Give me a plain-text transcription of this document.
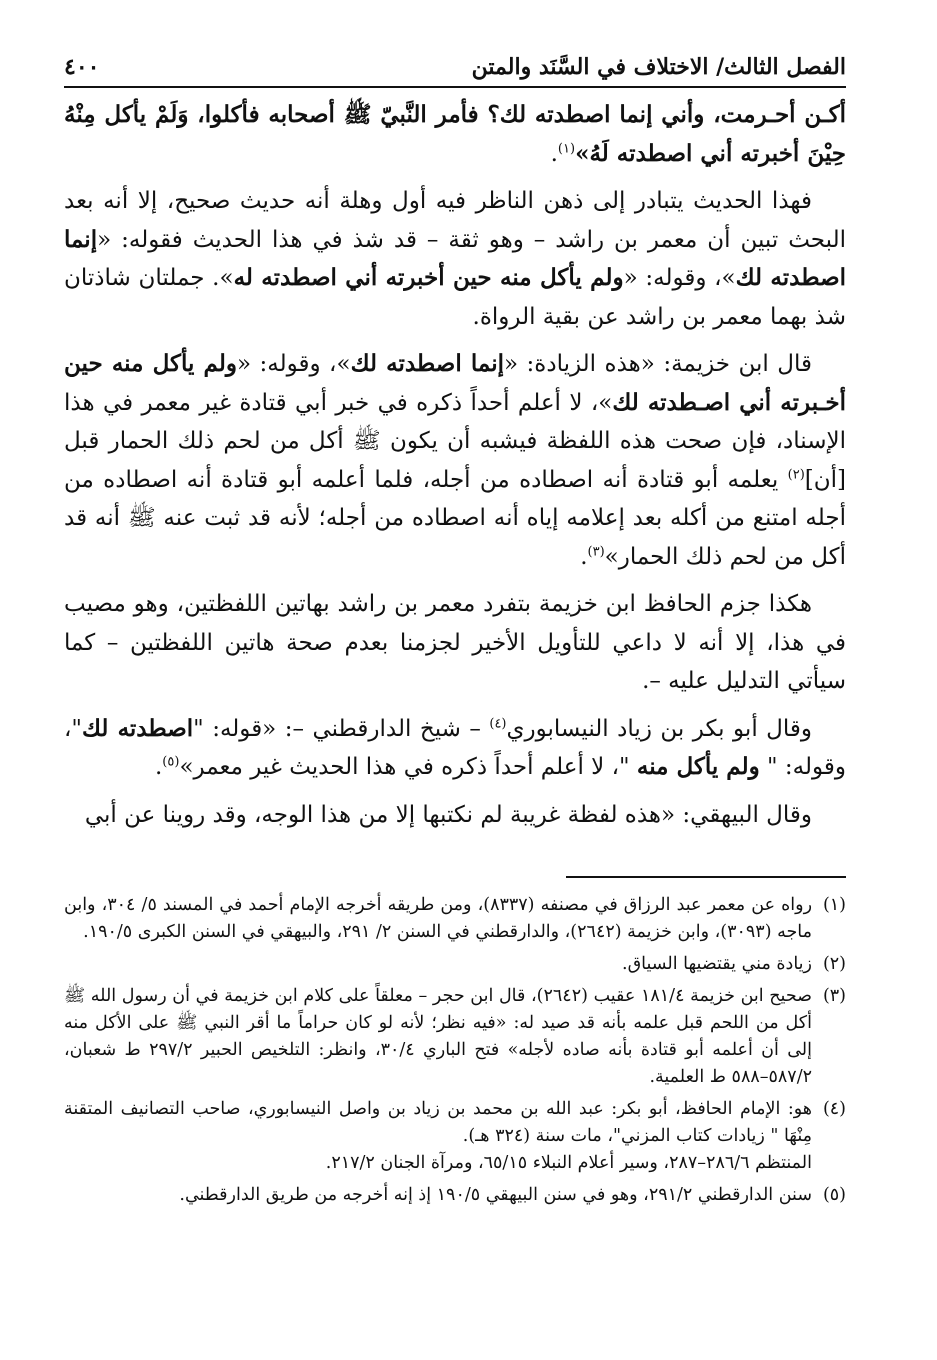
الفصل الثالث/ الاختلاف في السَّنَد والمتن
٤٠٠

أكـن أحـرمت، وأني إنما اصطدته لك؟ فأمر النَّبيّ ﷺ أصحابه فأكلوا، وَلَمْ يأكل مِنْهُ حِيْنَ أخبرته أني اصطدته لَهُ»$^{(١)}$.

فهذا الحديث يتبادر إلى ذهن الناظر فيه أول وهلة أنه حديث صحيح، إلا أنه بعد البحث تبين أن معمر بن راشد – وهو ثقة – قد شذ في هذا الحديث فقوله: «إنما اصطدته لك»، وقوله: «ولم يأكل منه حين أخبرته أني اصطدته له». جملتان شاذتان شذ بهما معمر بن راشد عن بقية الرواة.

قال ابن خزيمة: «هذه الزيادة: «إنما اصطدته لك»، وقوله: «ولم يأكل منه حين أخـبرته أني اصـطدته لك»، لا أعلم أحداً ذكره في خبر أبي قتادة غير معمر في هذا الإسناد، فإن صحت هذه اللفظة فيشبه أن يكون ﷺ أكل من لحم ذلك الحمار قبل [أن]$^{(٢)}$ يعلمه أبو قتادة أنه اصطاده من أجله، فلما أعلمه أبو قتادة أنه اصطاده من أجله امتنع من أكله بعد إعلامه إياه أنه اصطاده من أجله؛ لأنه قد ثبت عنه ﷺ أنه قد أكل من لحم ذلك الحمار»$^{(٣)}$.

هكذا جزم الحافظ ابن خزيمة بتفرد معمر بن راشد بهاتين اللفظتين، وهو مصيب في هذا، إلا أنه لا داعي للتأويل الأخير لجزمنا بعدم صحة هاتين اللفظتين – كما سيأتي التدليل عليه –.

وقال أبو بكر بن زياد النيسابوري$^{(٤)}$ – شيخ الدارقطني –: «قوله: "اصطدته لك"، وقوله: " ولم يأكل منه "، لا أعلم أحداً ذكره في هذا الحديث غير معمر»$^{(٥)}$.

وقال البيهقي: «هذه لفظة غريبة لم نكتبها إلا من هذا الوجه، وقد روينا عن أبي

(١)
رواه عن معمر عبد الرزاق في مصنفه (٨٣٣٧)، ومن طريقه أخرجه الإمام أحمد في المسند ٥/ ٣٠٤، وابن ماجه (٣٠٩٣)، وابن خزيمة (٢٦٤٢)، والدارقطني في السنن ٢/ ٢٩١، والبيهقي في السنن الكبرى ١٩٠/٥.
(٢)
زيادة مني يقتضيها السياق.
(٣)
صحيح ابن خزيمة ١٨١/٤ عقيب (٢٦٤٢)، قال ابن حجر – معلقاً على كلام ابن خزيمة في أن رسول الله ﷺ أكل من اللحم قبل علمه بأنه قد صيد له: «فيه نظر؛ لأنه لو كان حراماً ما أقر النبي ﷺ على الأكل منه إلى أن أعلمه أبو قتادة بأنه صاده لأجله» فتح الباري ٣٠/٤، وانظر: التلخيص الحبير ٢٩٧/٢ ط شعبان، ٥٨٧/٢–٥٨٨ ط العلمية.
(٤)
هو: الإمام الحافظ، أبو بكر: عبد الله بن محمد بن زياد بن واصل النيسابوري، صاحب التصانيف المتقنة مِنْهَا " زيادات كتاب المزني"، مات سنة (٣٢٤ هـ).
المنتظم ٢٨٦/٦–٢٨٧، وسير أعلام النبلاء ٦٥/١٥، ومرآة الجنان ٢١٧/٢.
(٥)
سنن الدارقطني ٢٩١/٢، وهو في سنن البيهقي ١٩٠/٥ إذ إنه أخرجه من طريق الدارقطني.
